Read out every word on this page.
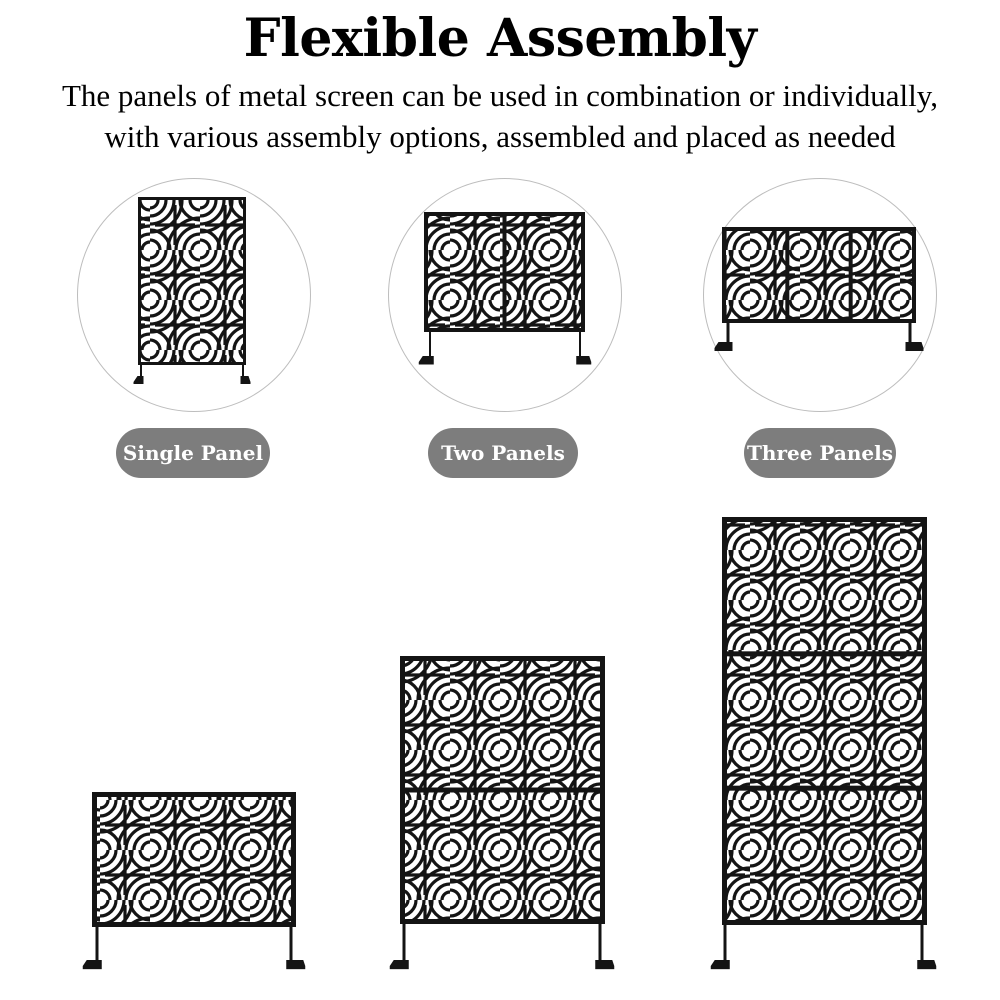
Flexible Assembly
The panels of metal screen can be used in combination or individually,
with various assembly options, assembled and placed as needed
Single Panel	Two Panels	Three Panels
